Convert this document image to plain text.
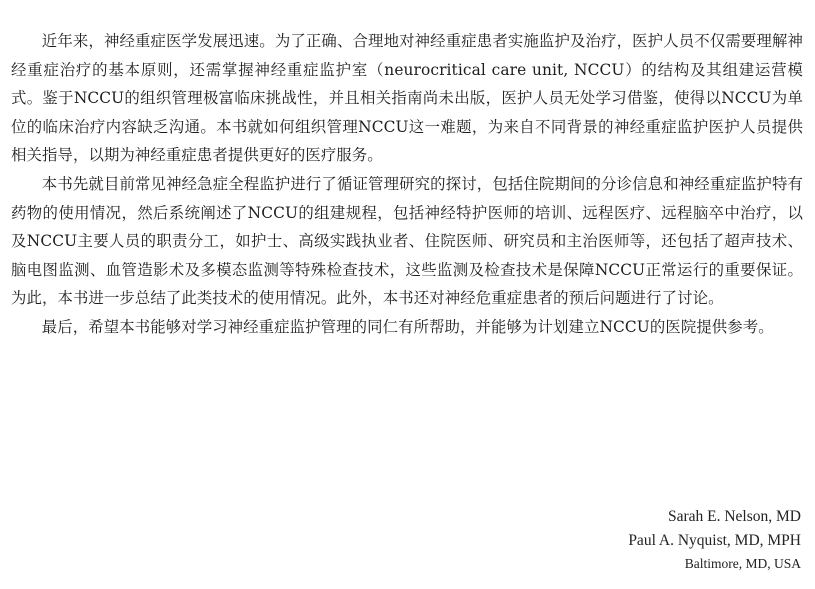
近年来，神经重症医学发展迅速。为了正确、合理地对神经重症患者实施监护及治疗，医护人员不仅需要理解神经重症治疗的基本原则，还需掌握神经重症监护室（neurocritical care unit, NCCU）的结构及其组建运营模式。鉴于NCCU的组织管理极富临床挑战性，并且相关指南尚未出版，医护人员无处学习借鉴，使得以NCCU为单位的临床治疗内容缺乏沟通。本书就如何组织管理NCCU这一难题，为来自不同背景的神经重症监护医护人员提供相关指导，以期为神经重症患者提供更好的医疗服务。

本书先就目前常见神经急症全程监护进行了循证管理研究的探讨，包括住院期间的分诊信息和神经重症监护特有药物的使用情况，然后系统阐述了NCCU的组建规程，包括神经特护医师的培训、远程医疗、远程脑卒中治疗，以及NCCU主要人员的职责分工，如护士、高级实践执业者、住院医师、研究员和主治医师等，还包括了超声技术、脑电图监测、血管造影术及多模态监测等特殊检查技术，这些监测及检查技术是保障NCCU正常运行的重要保证。为此，本书进一步总结了此类技术的使用情况。此外，本书还对神经危重症患者的预后问题进行了讨论。

最后，希望本书能够对学习神经重症监护管理的同仁有所帮助，并能够为计划建立NCCU的医院提供参考。

Sarah E. Nelson, MD
Paul A. Nyquist, MD, MPH
Baltimore, MD, USA
